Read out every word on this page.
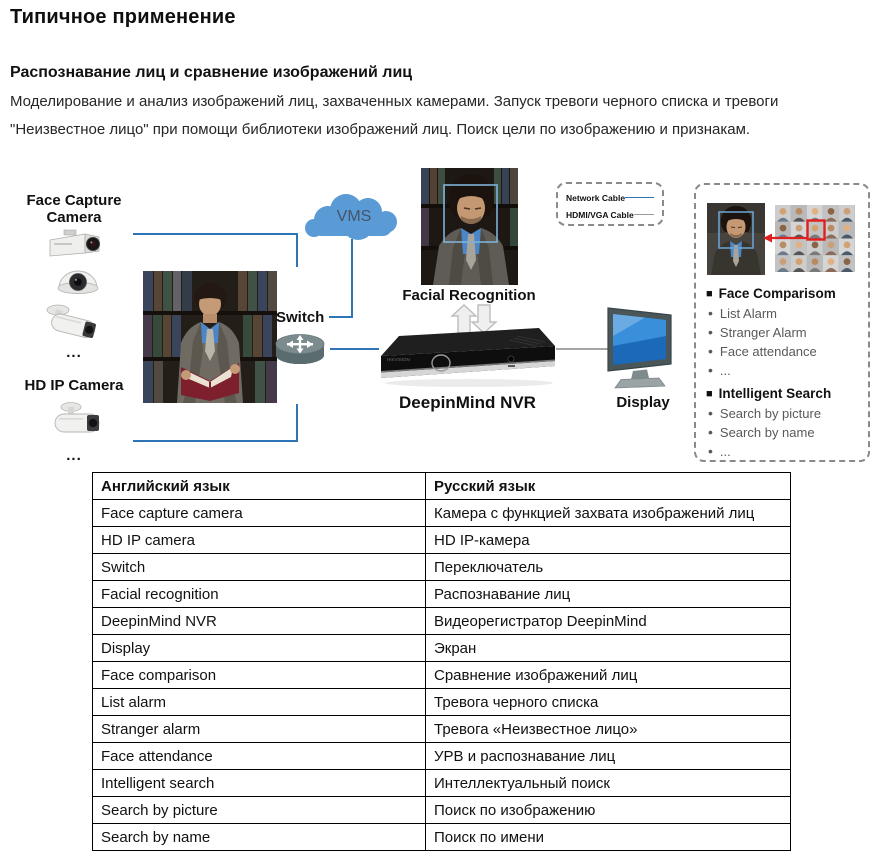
Типичное применение
Распознавание лиц и сравнение изображений лиц
Моделирование и анализ изображений лиц, захваченных камерами. Запуск тревоги черного списка и тревоги
"Неизвестное лицо" при помощи библиотеки изображений лиц. Поиск цели по изображению и признакам.
Face Capture
Camera
...
HD IP Camera
...
VMS
Switch
Facial Recognition
HIKVISION
DeepinMind NVR	Display
Network Cable
HDMI/VGA Cable
■ Face Comparisom
• List Alarm
• Stranger Alarm
• Face attendance
• ...
■ Intelligent Search
• Search by picture
• Search by name
• ...
Английский язык	Русский язык
Face capture camera	Камера с функцией захвата изображений лиц
HD IP camera	HD IP-камера
Switch	Переключатель
Facial recognition	Распознавание лиц
DeepinMind NVR	Видеорегистратор DeepinMind
Display	Экран
Face comparison	Сравнение изображений лиц
List alarm	Тревога черного списка
Stranger alarm	Тревога «Неизвестное лицо»
Face attendance	УРВ и распознавание лиц
Intelligent search	Интеллектуальный поиск
Search by picture	Поиск по изображению
Search by name	Поиск по имени
